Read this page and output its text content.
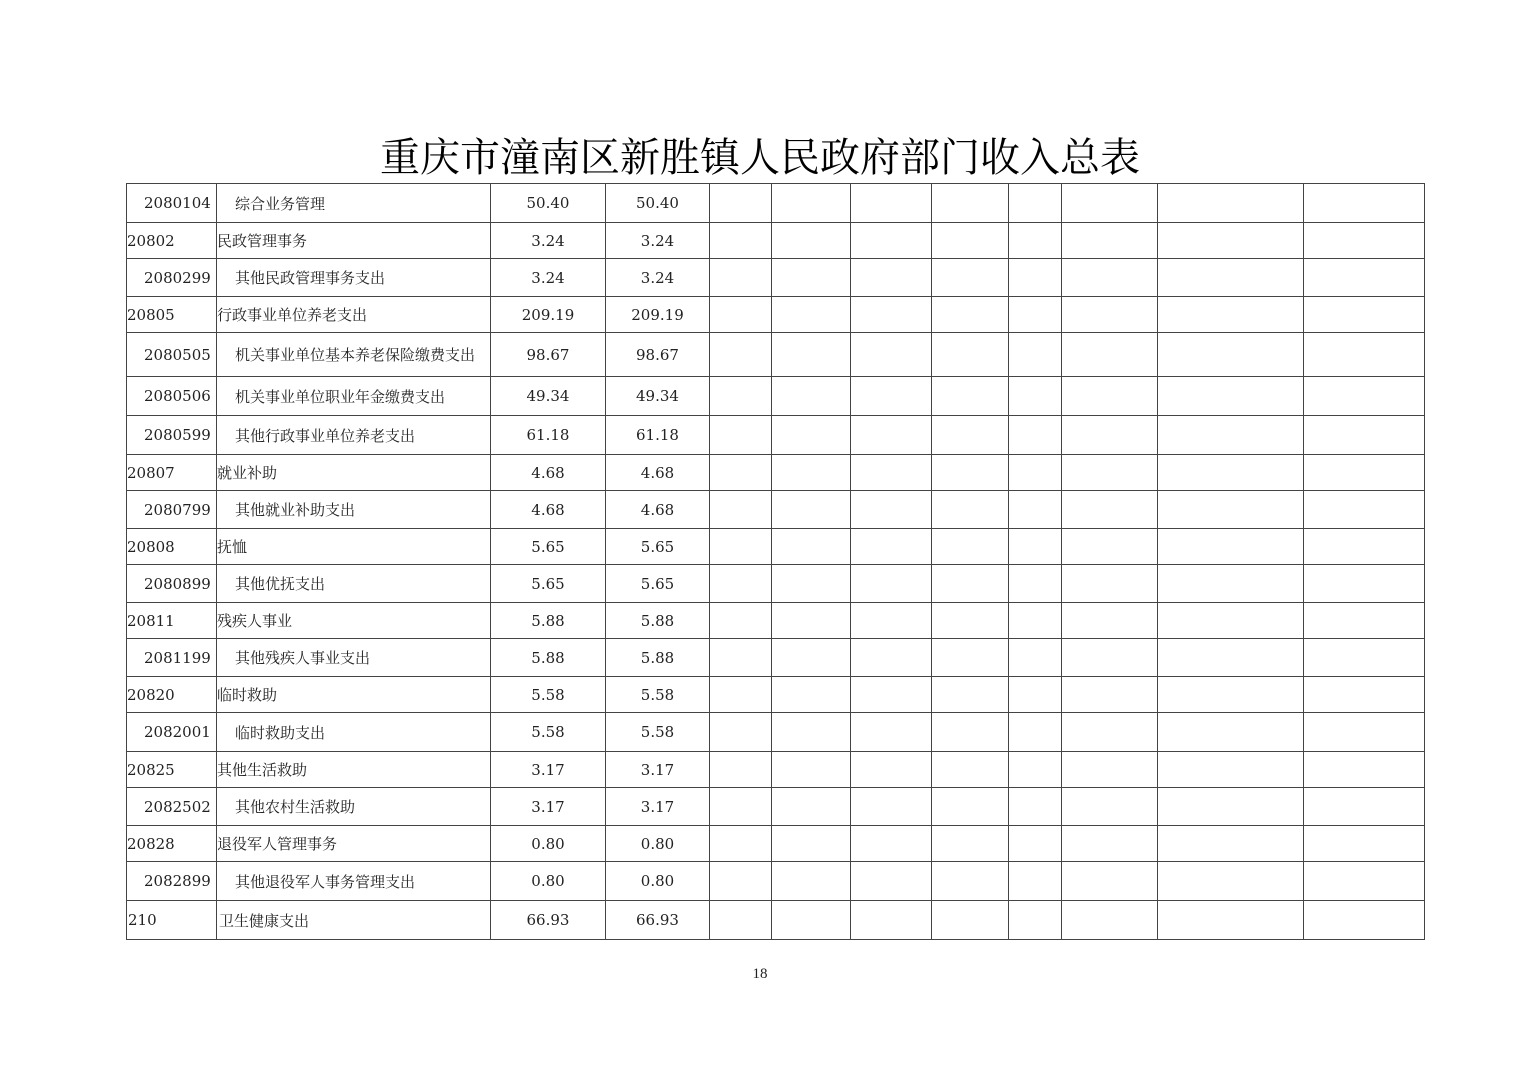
重庆市潼南区新胜镇人民政府部门收入总表
2080104	综合业务管理	50.40	50.40								
20802	民政管理事务	3.24	3.24								
2080299	其他民政管理事务支出	3.24	3.24								
20805	行政事业单位养老支出	209.19	209.19								
2080505	机关事业单位基本养老保险缴费支出	98.67	98.67								
2080506	机关事业单位职业年金缴费支出	49.34	49.34								
2080599	其他行政事业单位养老支出	61.18	61.18								
20807	就业补助	4.68	4.68								
2080799	其他就业补助支出	4.68	4.68								
20808	抚恤	5.65	5.65								
2080899	其他优抚支出	5.65	5.65								
20811	残疾人事业	5.88	5.88								
2081199	其他残疾人事业支出	5.88	5.88								
20820	临时救助	5.58	5.58								
2082001	临时救助支出	5.58	5.58								
20825	其他生活救助	3.17	3.17								
2082502	其他农村生活救助	3.17	3.17								
20828	退役军人管理事务	0.80	0.80								
2082899	其他退役军人事务管理支出	0.80	0.80								
210	卫生健康支出	66.93	66.93								
18
